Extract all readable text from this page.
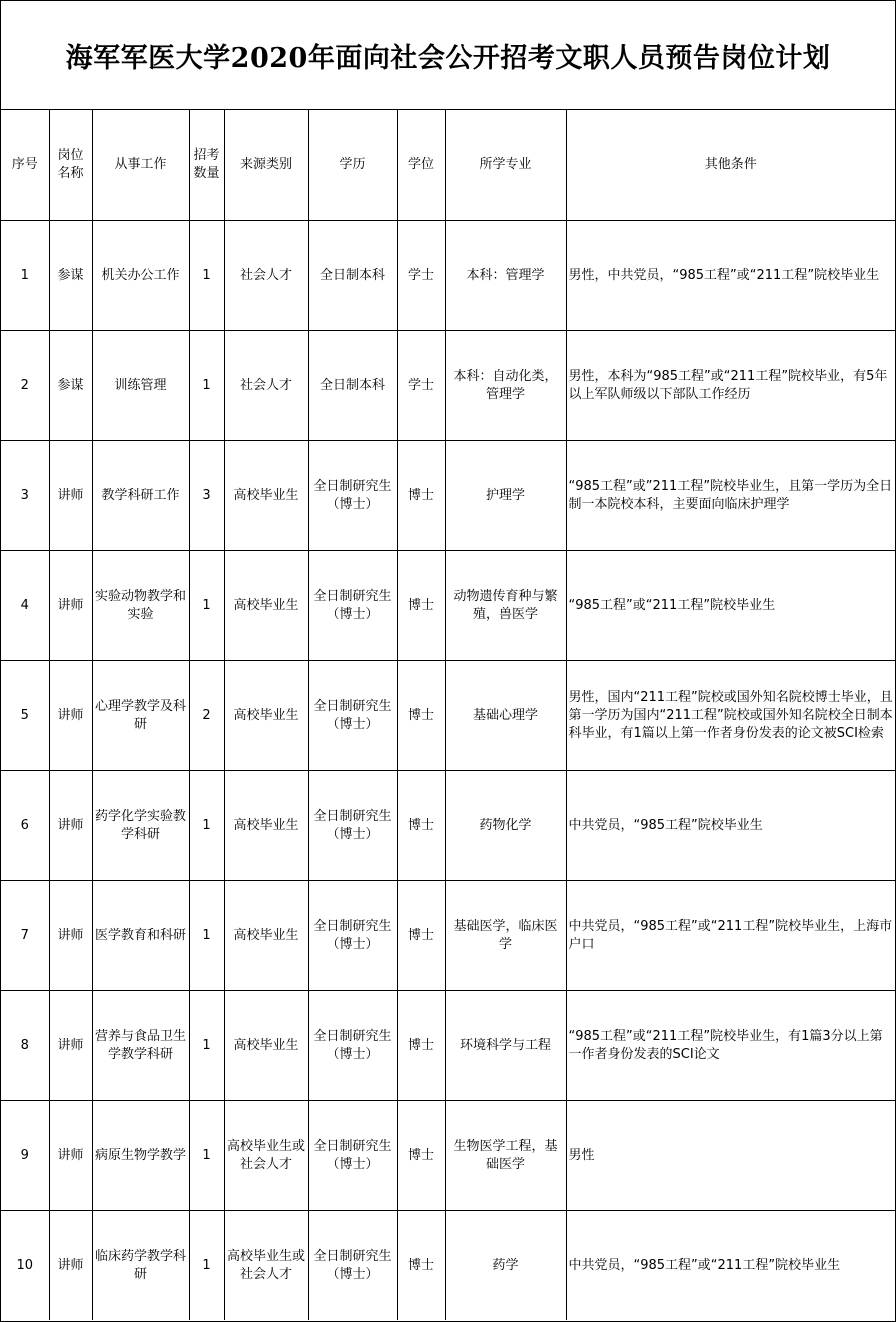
海军军医大学2020年面向社会公开招考文职人员预告岗位计划
序号	岗位名称	从事工作	招考数量	来源类别	学历	学位	所学专业	其他条件
1	参谋	机关办公工作	1	社会人才	全日制本科	学士	本科：管理学	男性，中共党员，“985工程”或“211工程”院校毕业生
2	参谋	训练管理	1	社会人才	全日制本科	学士	本科：自动化类，管理学	男性，本科为“985工程”或“211工程”院校毕业，有5年以上军队师级以下部队工作经历
3	讲师	教学科研工作	3	高校毕业生	全日制研究生（博士）	博士	护理学	“985工程”或”211工程”院校毕业生，且第一学历为全日制一本院校本科，主要面向临床护理学
4	讲师	实验动物教学和实验	1	高校毕业生	全日制研究生（博士）	博士	动物遗传育种与繁殖，兽医学	“985工程”或“211工程”院校毕业生
5	讲师	心理学教学及科研	2	高校毕业生	全日制研究生（博士）	博士	基础心理学	男性，国内“211工程”院校或国外知名院校博士毕业，且第一学历为国内“211工程”院校或国外知名院校全日制本科毕业，有1篇以上第一作者身份发表的论文被SCI检索
6	讲师	药学化学实验教学科研	1	高校毕业生	全日制研究生（博士）	博士	药物化学	中共党员，“985工程”院校毕业生
7	讲师	医学教育和科研	1	高校毕业生	全日制研究生（博士）	博士	基础医学，临床医学	中共党员，“985工程”或“211工程”院校毕业生，上海市户口
8	讲师	营养与食品卫生学教学科研	1	高校毕业生	全日制研究生（博士）	博士	环境科学与工程	“985工程”或“211工程”院校毕业生，有1篇3分以上第一作者身份发表的SCI论文
9	讲师	病原生物学教学	1	高校毕业生或社会人才	全日制研究生（博士）	博士	生物医学工程，基础医学	男性
10	讲师	临床药学教学科研	1	高校毕业生或社会人才	全日制研究生（博士）	博士	药学	中共党员，“985工程”或“211工程”院校毕业生
